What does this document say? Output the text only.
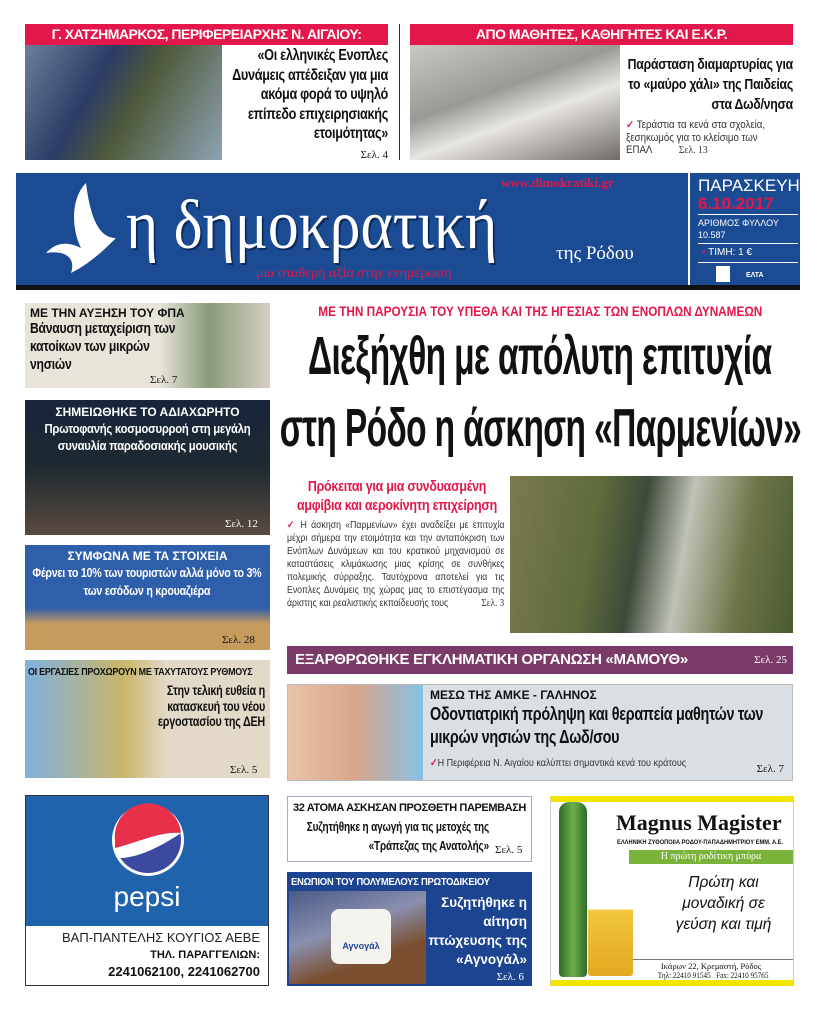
Γ. ΧΑΤΖΗΜΑΡΚΟΣ, ΠΕΡΙΦΕΡΕΙΑΡΧΗΣ Ν. ΑΙΓΑΙΟΥ:
«Οι ελληνικές Ενοπλες Δυνάμεις απέδειξαν για μια ακόμα φορά το υψηλό επίπεδο επιχειρησιακής ετοιμότητας»
Σελ. 4
ΑΠΟ ΜΑΘΗΤΕΣ, ΚΑΘΗΓΗΤΕΣ ΚΑΙ Ε.Κ.Ρ.
Παράσταση διαμαρτυρίας για το «μαύρο χάλι» της Παιδείας στα Δωδ/νησα
✓ Τεράστια τα κενά στα σχολεία, ξεσηκωμός για το κλείσιμο των ΕΠΑΛ Σελ. 13
η δημοκρατική
www.dimokratiki.gr
της Ρόδου
μια σταθερή αξία στην ενημέρωση
ΠΑΡΑΣΚΕΥΗ
6.10.2017
ΑΡΙΘΜΟΣ ΦΥΛΛΟΥ
10.587
• ΤΙΜΗ: 1 €
ΕΛΤΑ
ΜΕ ΤΗΝ ΑΥΞΗΣΗ ΤΟΥ ΦΠΑ
Βάναυση μεταχείριση των κατοίκων των μικρών νησιών
Σελ. 7
ΣΗΜΕΙΩΘΗΚΕ ΤΟ ΑΔΙΑΧΩΡΗΤΟ
Πρωτοφανής κοσμοσυρροή στη μεγάλη συναυλία παραδοσιακής μουσικής
Σελ. 12
ΣΥΜΦΩΝΑ ΜΕ ΤΑ ΣΤΟΙΧΕΙΑ
Φέρνει το 10% των τουριστών αλλά μόνο το 3% των εσόδων η κρουαζιέρα
Σελ. 28
ΟΙ ΕΡΓΑΣΙΕΣ ΠΡΟΧΩΡΟΥΝ ΜΕ ΤΑΧΥΤΑΤΟΥΣ ΡΥΘΜΟΥΣ
Στην τελική ευθεία η κατασκευή του νέου εργοστασίου της ΔΕΗ
Σελ. 5
ΜΕ ΤΗΝ ΠΑΡΟΥΣΙΑ ΤΟΥ ΥΠΕΘΑ ΚΑΙ ΤΗΣ ΗΓΕΣΙΑΣ ΤΩΝ ΕΝΟΠΛΩΝ ΔΥΝΑΜΕΩΝ
Διεξήχθη με απόλυτη επιτυχία
στη Ρόδο η άσκηση «Παρμενίων»
Πρόκειται για μια συνδυασμένη αμφίβια και αεροκίνητη επιχείρηση
✓ Η άσκηση «Παρμενίων» έχει αναδείξει με επιτυχία μέχρι σήμερα την ετοιμότητα και την ανταπόκριση των Ενόπλων Δυνάμεων και του κρατικού μηχανισμού σε καταστάσεις κλιμάκωσης μιας κρίσης σε συνθήκες πολεμικής σύρραξης. Ταυτόχρονα αποτελεί για τις Ενοπλες Δυνάμεις της χώρας μας το επιστέγασμα της άριστης και ρεαλιστικής εκπαίδευσής τους	Σελ. 3
ΕΞΑΡΘΡΩΘΗΚΕ ΕΓΚΛΗΜΑΤΙΚΗ ΟΡΓΑΝΩΣΗ «ΜΑΜΟΥΘ»	Σελ. 25
ΜΕΣΩ ΤΗΣ ΑΜΚΕ - ΓΑΛΗΝΟΣ
Οδοντιατρική πρόληψη και θεραπεία μαθητών των μικρών νησιών της Δωδ/σου
✓Η Περιφέρεια Ν. Αιγαίου καλύπτει σημαντικά κενά του κράτους	Σελ. 7
pepsi
ΒΑΠ-ΠΑΝΤΕΛΗΣ ΚΟΥΓΙΟΣ ΑΕΒΕ
ΤΗΛ. ΠΑΡΑΓΓΕΛΙΩΝ:
2241062100, 2241062700
32 ΑΤΟΜΑ ΑΣΚΗΣΑΝ ΠΡΟΣΘΕΤΗ ΠΑΡΕΜΒΑΣΗ
Συζητήθηκε η αγωγή για τις μετοχές της «Τράπεζας της Ανατολής» Σελ. 5
ΕΝΩΠΙΟΝ ΤΟΥ ΠΟΛΥΜΕΛΟΥΣ ΠΡΩΤΟΔΙΚΕΙΟΥ
Αγνογάλ
Συζητήθηκε η αίτηση πτώχευσης της «Αγνογάλ»
Σελ. 6
Magnus Magister
ΕΛΛΗΝΙΚΗ ΖΥΘΟΠΟΙΙΑ ΡΟΔΟΥ-ΠΑΠΑΔΗΜΗΤΡΙΟΥ ΕΜΜ. Α.Ε.
Η πρώτη ροδίτικη μπύρα
Πρώτη και μοναδική σε γεύση και τιμή
Ικάρων 22, Κρεμαστή, Ρόδος
Τηλ: 22410 91545   Fax: 22410 95765
